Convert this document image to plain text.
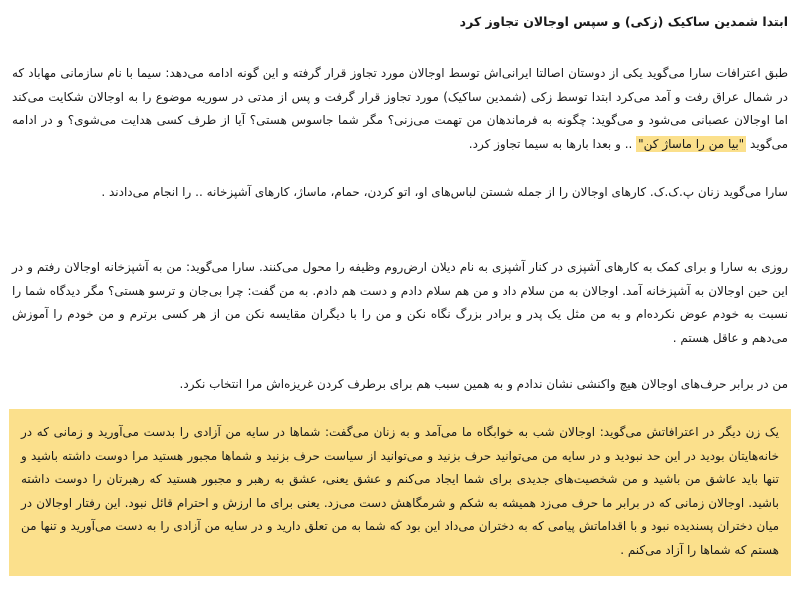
ابتدا شمدین ساکیک (زکی) و سپس اوجالان تجاوز کرد

طبق اعترافات سارا می‌گوید یکی از دوستان اصالتا ایرانی‌اش توسط اوجالان مورد تجاوز قرار گرفته و این گونه ادامه می‌دهد: سیما با نام سازمانی مهاباد که در شمال عراق رفت و آمد می‌کرد ابتدا توسط زکی (شمدین ساکیک) مورد تجاوز قرار گرفت و پس از مدتی در سوریه موضوع را به اوجالان شکایت می‌کند اما اوجالان عصبانی می‌شود و می‌گوید: چگونه به فرماندهان من تهمت می‌زنی؟ مگر شما جاسوس هستی؟ آیا از طرف کسی هدایت می‌شوی؟ و در ادامه می‌گوید "بیا من را ماساژ کن" .. و بعدا بارها به سیما تجاوز کرد.

سارا می‌گوید زنان پ.ک.ک. کارهای اوجالان را از جمله شستن لباس‌های او، اتو کردن، حمام، ماساژ، کارهای آشپزخانه .. را انجام می‌دادند .

روزی به سارا و برای کمک به کارهای آشپزی در کنار آشپزی به نام دیلان ارض‌روم وظیفه را محول می‌کنند. سارا می‌گوید: من به آشپزخانه اوجالان رفتم و در این حین اوجالان به آشپزخانه آمد. اوجالان به من سلام داد و من هم سلام دادم و دست هم دادم. به من گفت: چرا بی‌جان و ترسو هستی؟ مگر دیدگاه شما را نسبت به خودم عوض نکرده‌ام و به من مثل یک پدر و برادر بزرگ نگاه نکن و من را با دیگران مقایسه نکن من از هر کسی برترم و من خودم را آموزش می‌دهم و عاقل هستم .

من در برابر حرف‌های اوجالان هیچ واکنشی نشان ندادم و به همین سبب هم برای برطرف کردن غریزه‌اش مرا انتخاب نکرد.

یک زن دیگر در اعترافاتش می‌گوید: اوجالان شب به خوابگاه ما می‌آمد و به زنان می‌گفت: شماها در سایه من آزادی را بدست می‌آورید و زمانی که در خانه‌هایتان بودید در این حد نبودید و در سایه من می‌توانید حرف بزنید و می‌توانید از سیاست حرف بزنید و شماها مجبور هستید مرا دوست داشته باشید و تنها باید عاشق من باشید و من شخصیت‌های جدیدی برای شما ایجاد می‌کنم و عشق یعنی، عشق به رهبر و مجبور هستید که رهبرتان را دوست داشته باشید. اوجالان زمانی که در برابر ما حرف می‌زد همیشه به شکم و شرمگاهش دست می‌زد. یعنی برای ما ارزش و احترام قائل نبود. این رفتار اوجالان در میان دختران پسندیده نبود و با اقداماتش پیامی که به دختران می‌داد این بود که شما به من تعلق دارید و در سایه من آزادی را به دست می‌آورید و تنها من هستم که شماها را آزاد می‌کنم .
